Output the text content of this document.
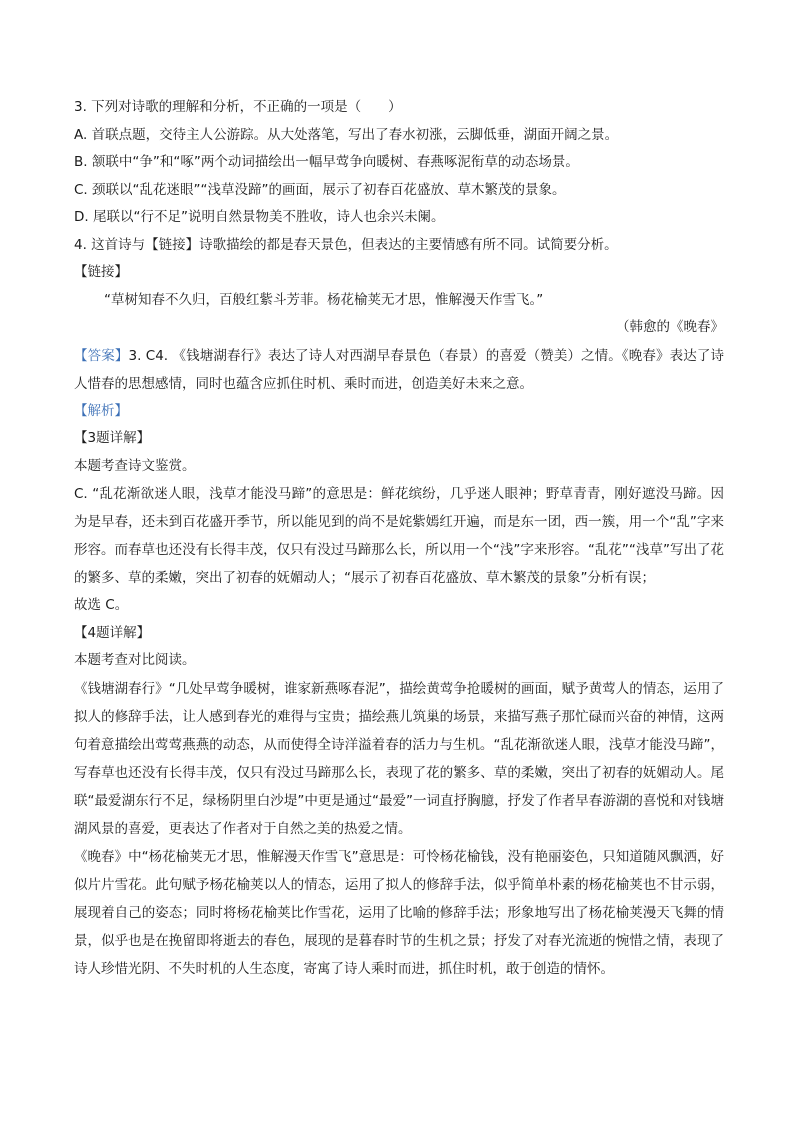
3. 下列对诗歌的理解和分析，不正确的一项是（　　）
A. 首联点题，交待主人公游踪。从大处落笔，写出了春水初涨，云脚低垂，湖面开阔之景。
B. 颔联中“争”和“啄”两个动词描绘出一幅早莺争向暖树、春燕啄泥衔草的动态场景。
C. 颈联以“乱花迷眼”“浅草没蹄”的画面，展示了初春百花盛放、草木繁茂的景象。
D. 尾联以“行不足”说明自然景物美不胜收，诗人也余兴未阑。
4. 这首诗与【链接】诗歌描绘的都是春天景色，但表达的主要情感有所不同。试简要分析。
【链接】
“草树知春不久归，百般红紫斗芳菲。杨花榆荚无才思，惟解漫天作雪飞。”
（韩愈的《晚春》
【答案】3. C4. 《钱塘湖春行》表达了诗人对西湖早春景色（春景）的喜爱（赞美）之情。《晚春》表达了诗人惜春的思想感情，同时也蕴含应抓住时机、乘时而进，创造美好未来之意。
【解析】
【3题详解】
本题考查诗文鉴赏。
C. “乱花渐欲迷人眼，浅草才能没马蹄”的意思是：鲜花缤纷，几乎迷人眼神；野草青青，刚好遮没马蹄。因为是早春，还未到百花盛开季节，所以能见到的尚不是姹紫嫣红开遍，而是东一团，西一簇，用一个“乱”字来形容。而春草也还没有长得丰茂，仅只有没过马蹄那么长，所以用一个“浅”字来形容。“乱花”“浅草”写出了花的繁多、草的柔嫩，突出了初春的妩媚动人；“展示了初春百花盛放、草木繁茂的景象”分析有误；
故选 C。
【4题详解】
本题考查对比阅读。
《钱塘湖春行》“几处早莺争暖树，谁家新燕啄春泥”，描绘黄莺争抢暖树的画面，赋予黄莺人的情态，运用了拟人的修辞手法，让人感到春光的难得与宝贵；描绘燕儿筑巢的场景，来描写燕子那忙碌而兴奋的神情，这两句着意描绘出莺莺燕燕的动态，从而使得全诗洋溢着春的活力与生机。“乱花渐欲迷人眼，浅草才能没马蹄”，写春草也还没有长得丰茂，仅只有没过马蹄那么长，表现了花的繁多、草的柔嫩，突出了初春的妩媚动人。尾联“最爱湖东行不足，绿杨阴里白沙堤”中更是通过“最爱”一词直抒胸臆，抒发了作者早春游湖的喜悦和对钱塘湖风景的喜爱，更表达了作者对于自然之美的热爱之情。
《晚春》中“杨花榆荚无才思，惟解漫天作雪飞”意思是：可怜杨花榆钱，没有艳丽姿色，只知道随风飘洒，好似片片雪花。此句赋予杨花榆荚以人的情态，运用了拟人的修辞手法，似乎简单朴素的杨花榆荚也不甘示弱，展现着自己的姿态；同时将杨花榆荚比作雪花，运用了比喻的修辞手法；形象地写出了杨花榆荚漫天飞舞的情景，似乎也是在挽留即将逝去的春色，展现的是暮春时节的生机之景；抒发了对春光流逝的惋惜之情，表现了诗人珍惜光阴、不失时机的人生态度，寄寓了诗人乘时而进，抓住时机，敢于创造的情怀。
